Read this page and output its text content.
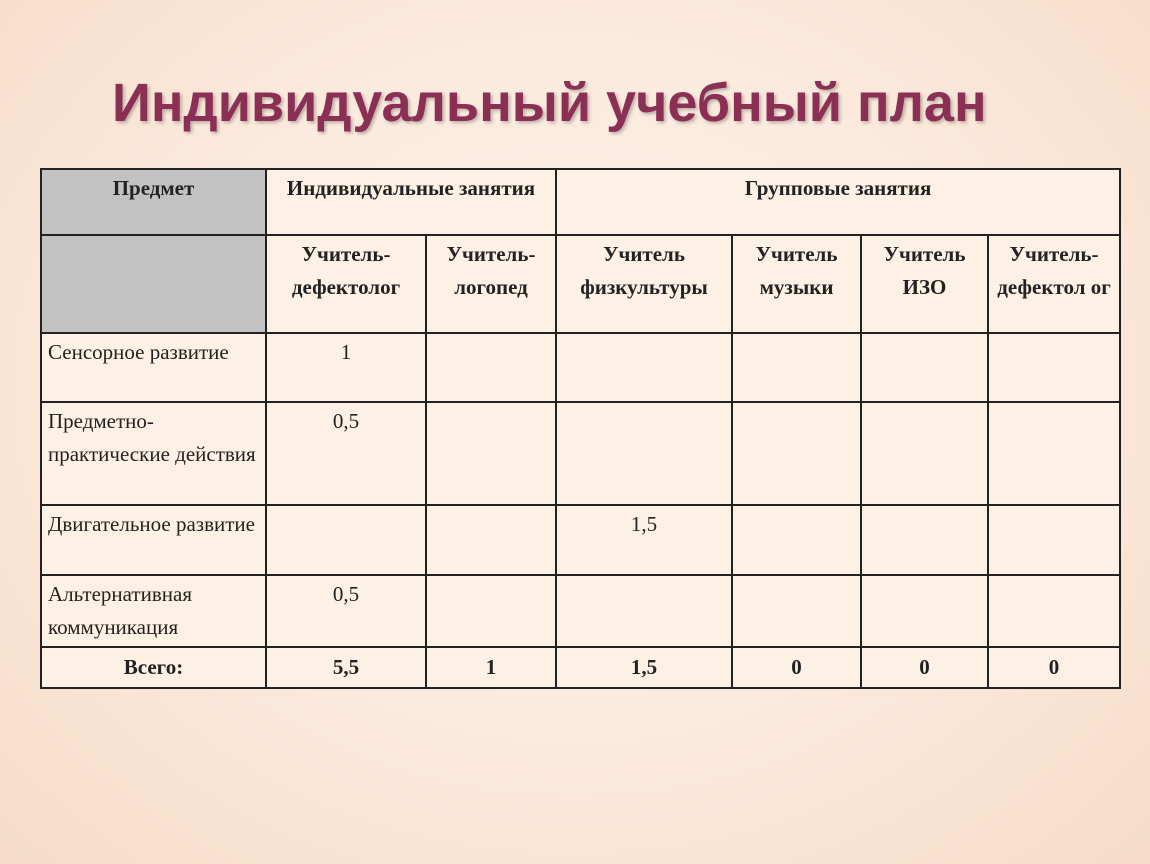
Индивидуальный учебный план
Предмет	Индивидуальные занятия		Групповые занятия			
	Учитель-дефектолог	Учитель-логопед	Учитель физкультуры	Учитель музыки	Учитель ИЗО	Учитель-дефектол ог
Сенсорное развитие	1					
Предметно-практические действия	0,5					
Двигательное развитие			1,5			
Альтернативная коммуникация	0,5					
Всего:	5,5	1	1,5	0	0	0
